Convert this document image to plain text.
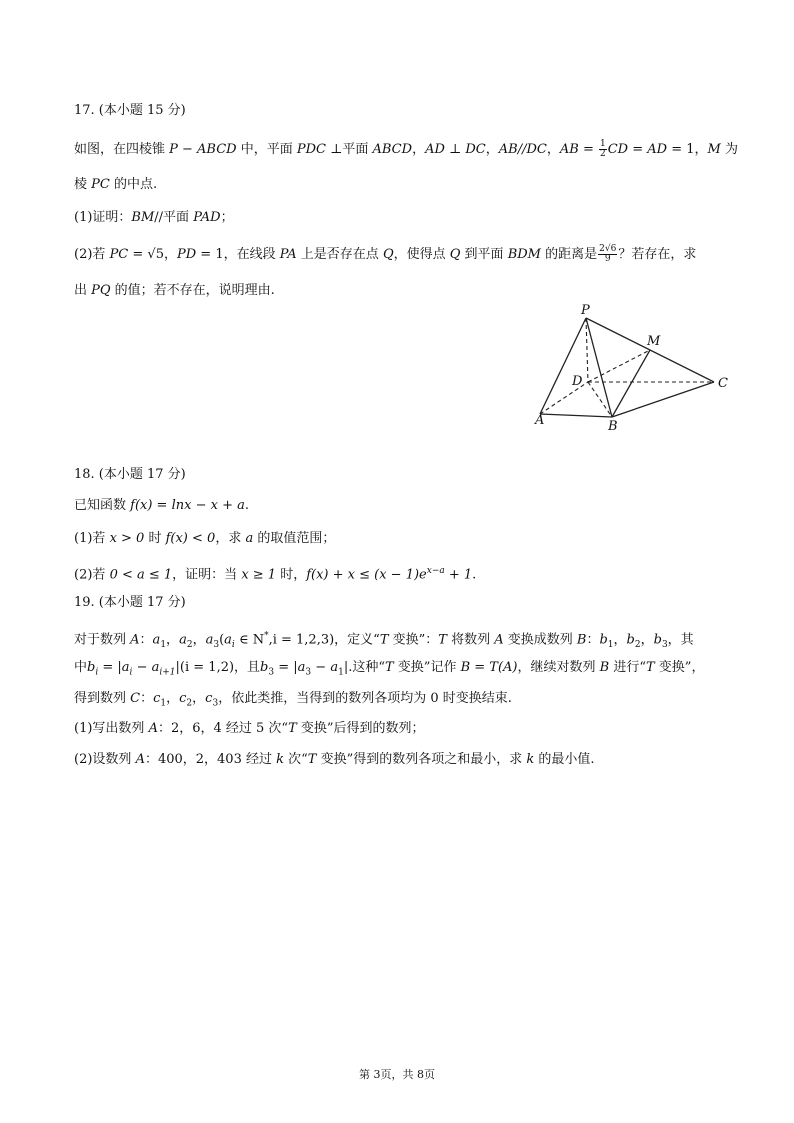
17. (本小题 15 分)
如图，在四棱锥 P − ABCD 中，平面 PDC ⊥平面 ABCD，AD ⊥ DC，AB//DC，AB = $\frac{1}{2}$ CD = AD = 1，M 为
棱 PC 的中点.
(1)证明：BM//平面 PAD；
(2)若 PC = √5，PD = 1，在线段 PA 上是否存在点 Q，使得点 Q 到平面 BDM 的距离是 $\frac{2√6}{9}$ ？若存在，求
出 PQ 的值；若不存在，说明理由.
P
M
D	C
A	B
18. (本小题 17 分)
已知函数 f(x) = lnx − x + a.
(1)若 x > 0 时 f(x) < 0，求 a 的取值范围；
(2)若 0 < a ≤ 1，证明：当 x ≥ 1 时，$f(x) + x \le (x - 1)e^{x-a} + 1$.
19. (本小题 17 分)
对于数列 A：$a_1$，$a_2$，$a_3(a_i$ ∈ N*,i = 1,2,3)，定义“T 变换”：T 将数列 A 变换成数列 B：$b_1$，$b_2$，$b_3$，其
中$b_i = |a_i - a_{i+1}|(i = 1,2)$，且$b_3 = |a_3 - a_1|$.这种“T 变换”记作 B = T(A)，继续对数列 B 进行“T 变换”，
得到数列 C：$c_1$，$c_2$，$c_3$，依此类推，当得到的数列各项均为 0 时变换结束.
(1)写出数列 A：2，6，4 经过 5 次“T 变换”后得到的数列；
(2)设数列 A：400，2，403 经过 k 次“T 变换”得到的数列各项之和最小，求 k 的最小值.
第 3页，共 8页
